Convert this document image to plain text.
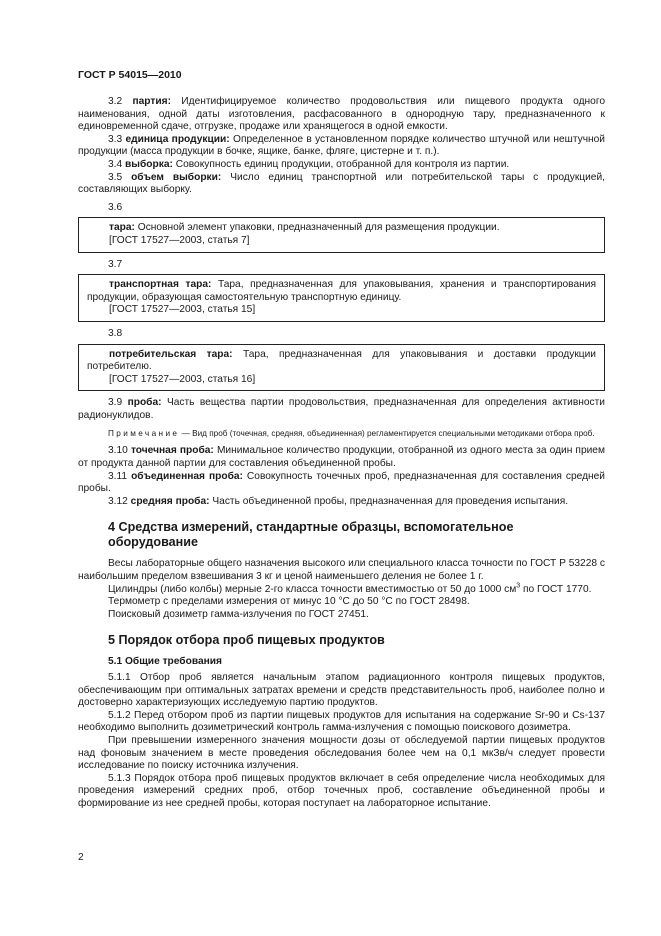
ГОСТ Р 54015—2010

3.2 партия: Идентифицируемое количество продовольствия или пищевого продукта одного наименования, одной даты изготовления, расфасованного в однородную тару, предназначенного к единовременной сдаче, отгрузке, продаже или хранящегося в одной емкости.

3.3 единица продукции: Определенное в установленном порядке количество штучной или нештучной продукции (масса продукции в бочке, ящике, банке, фляге, цистерне и т. п.).

3.4 выборка: Совокупность единиц продукции, отобранной для контроля из партии.

3.5 объем выборки: Число единиц транспортной или потребительской тары с продукцией, составляющих выборку.

3.6

тара: Основной элемент упаковки, предназначенный для размещения продукции.

[ГОСТ 17527—2003, статья 7]

3.7

транспортная тара: Тара, предназначенная для упаковывания, хранения и транспортирования продукции, образующая самостоятельную транспортную единицу.

[ГОСТ 17527—2003, статья 15]

3.8

потребительская тара: Тара, предназначенная для упаковывания и доставки продукции потребителю.

[ГОСТ 17527—2003, статья 16]

3.9 проба: Часть вещества партии продовольствия, предназначенная для определения активности радионуклидов.

Примечание — Вид проб (точечная, средняя, объединенная) регламентируется специальными методиками отбора проб.

3.10 точечная проба: Минимальное количество продукции, отобранной из одного места за один прием от продукта данной партии для составления объединенной пробы.

3.11 объединенная проба: Совокупность точечных проб, предназначенная для составления средней пробы.

3.12 средняя проба: Часть объединенной пробы, предназначенная для проведения испытания.

4 Средства измерений, стандартные образцы, вспомогательное
оборудование

Весы лабораторные общего назначения высокого или специального класса точности по ГОСТ Р 53228 с наибольшим пределом взвешивания 3 кг и ценой наименьшего деления не более 1 г.

Цилиндры (либо колбы) мерные 2-го класса точности вместимостью от 50 до 1000 $см^3$ по ГОСТ 1770.

Термометр с пределами измерения от минус 10 °С до 50 °С по ГОСТ 28498.

Поисковый дозиметр гамма-излучения по ГОСТ 27451.

5 Порядок отбора проб пищевых продуктов
5.1 Общие требования

5.1.1 Отбор проб является начальным этапом радиационного контроля пищевых продуктов, обеспечивающим при оптимальных затратах времени и средств представительность проб, наиболее полно и достоверно характеризующих исследуемую партию продуктов.

5.1.2 Перед отбором проб из партии пищевых продуктов для испытания на содержание Sr-90 и Cs-137 необходимо выполнить дозиметрический контроль гамма-излучения с помощью поискового дозиметра.

При превышении измеренного значения мощности дозы от обследуемой партии пищевых продуктов над фоновым значением в месте проведения обследования более чем на 0,1 мкЗв/ч следует провести исследование по поиску источника излучения.

5.1.3 Порядок отбора проб пищевых продуктов включает в себя определение числа необходимых для проведения измерений средних проб, отбор точечных проб, составление объединенной пробы и формирование из нее средней пробы, которая поступает на лабораторное испытание.

2
